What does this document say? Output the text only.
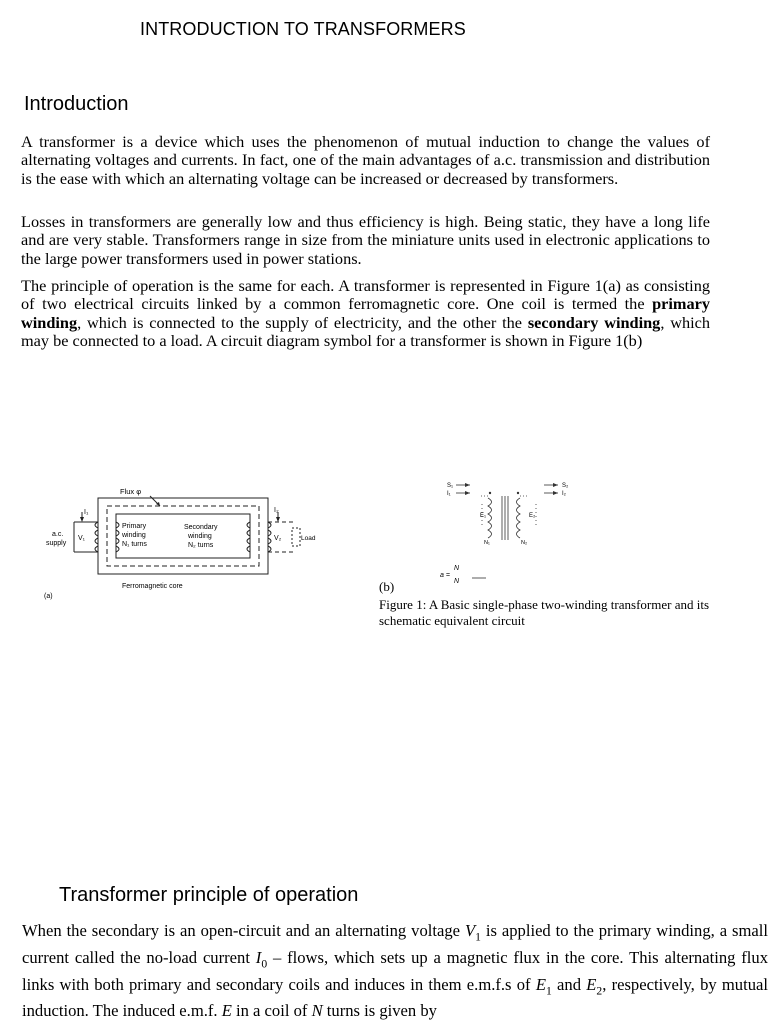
INTRODUCTION TO TRANSFORMERS
Introduction

A transformer is a device which uses the phenomenon of mutual induction to change the values of alternating voltages and currents. In fact, one of the main advantages of a.c. transmission and distribution is the ease with which an alternating voltage can be increased or decreased by transformers.

Losses in transformers are generally low and thus efficiency is high. Being static, they have a long life and are very stable. Transformers range in size from the miniature units used in electronic applications to the large power transformers used in power stations.

The principle of operation is the same for each. A transformer is represented in Figure 1(a) as consisting of two electrical circuits linked by a common ferromagnetic core. One coil is termed the primary winding, which is connected to the supply of electricity, and the other the secondary winding, which may be connected to a load. A circuit diagram symbol for a transformer is shown in Figure 1(b)

Flux φ
I₁	I₂
a.c.
supply
V₁	V₂
Primary
winding
N₁ turns
Secondary
winding
N₂ turns
Load
Ferromagnetic core
(a)
S₁
I₁
S₂
I₂
E₁	E₂
N₁	N₂
a =
N
N

(b)

Figure 1: A Basic single-phase two-winding transformer and its schematic equivalent circuit

Transformer principle of operation

When the secondary is an open-circuit and an alternating voltage $V_1$ is applied to the primary winding, a small current called the no-load current $I_0$ – flows, which sets up a magnetic flux in the core. This alternating flux links with both primary and secondary coils and induces in them e.m.f.s of $E_1$ and $E_2$, respectively, by mutual induction. The induced e.m.f. E in a coil of N turns is given by
